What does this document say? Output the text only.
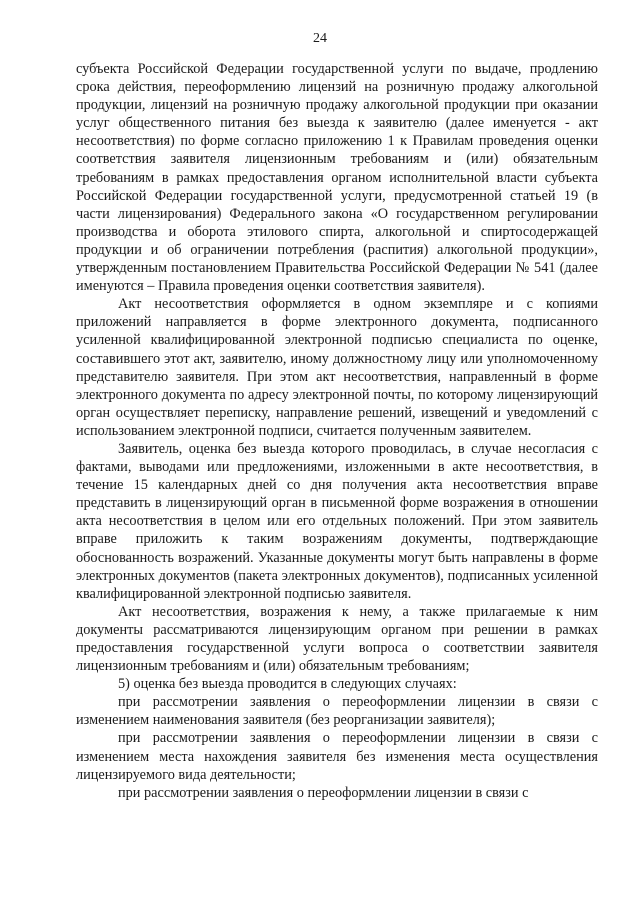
24

субъекта Российской Федерации государственной услуги по выдаче, продлению срока действия, переоформлению лицензий на розничную продажу алкогольной продукции, лицензий на розничную продажу алкогольной продукции при оказании услуг общественного питания без выезда к заявителю (далее именуется - акт несоответствия) по форме согласно приложению 1 к Правилам проведения оценки соответствия заявителя лицензионным требованиям и (или) обязательным требованиям в рамках предоставления органом исполнительной власти субъекта Российской Федерации государственной услуги, предусмотренной статьей 19 (в части лицензирования) Федерального закона «О государственном регулировании производства и оборота этилового спирта, алкогольной и спиртосодержащей продукции и об ограничении потребления (распития) алкогольной продукции», утвержденным постановлением Правительства Российской Федерации № 541 (далее именуются – Правила проведения оценки соответствия заявителя).

Акт несоответствия оформляется в одном экземпляре и с копиями приложений направляется в форме электронного документа, подписанного усиленной квалифицированной электронной подписью специалиста по оценке, составившего этот акт, заявителю, иному должностному лицу или уполномоченному представителю заявителя. При этом акт несоответствия, направленный в форме электронного документа по адресу электронной почты, по которому лицензирующий орган осуществляет переписку, направление решений, извещений и уведомлений с использованием электронной подписи, считается полученным заявителем.

Заявитель, оценка без выезда которого проводилась, в случае несогласия с фактами, выводами или предложениями, изложенными в акте несоответствия, в течение 15 календарных дней со дня получения акта несоответствия вправе представить в лицензирующий орган в письменной форме возражения в отношении акта несоответствия в целом или его отдельных положений. При этом заявитель вправе приложить к таким возражениям документы, подтверждающие обоснованность возражений. Указанные документы могут быть направлены в форме электронных документов (пакета электронных документов), подписанных усиленной квалифицированной электронной подписью заявителя.

Акт несоответствия, возражения к нему, а также прилагаемые к ним документы рассматриваются лицензирующим органом при решении в рамках предоставления государственной услуги вопроса о соответствии заявителя лицензионным требованиям и (или) обязательным требованиям;

5) оценка без выезда проводится в следующих случаях:

при рассмотрении заявления о переоформлении лицензии в связи с изменением наименования заявителя (без реорганизации заявителя);

при рассмотрении заявления о переоформлении лицензии в связи с изменением места нахождения заявителя без изменения места осуществления лицензируемого вида деятельности;

при рассмотрении заявления о переоформлении лицензии в связи с
